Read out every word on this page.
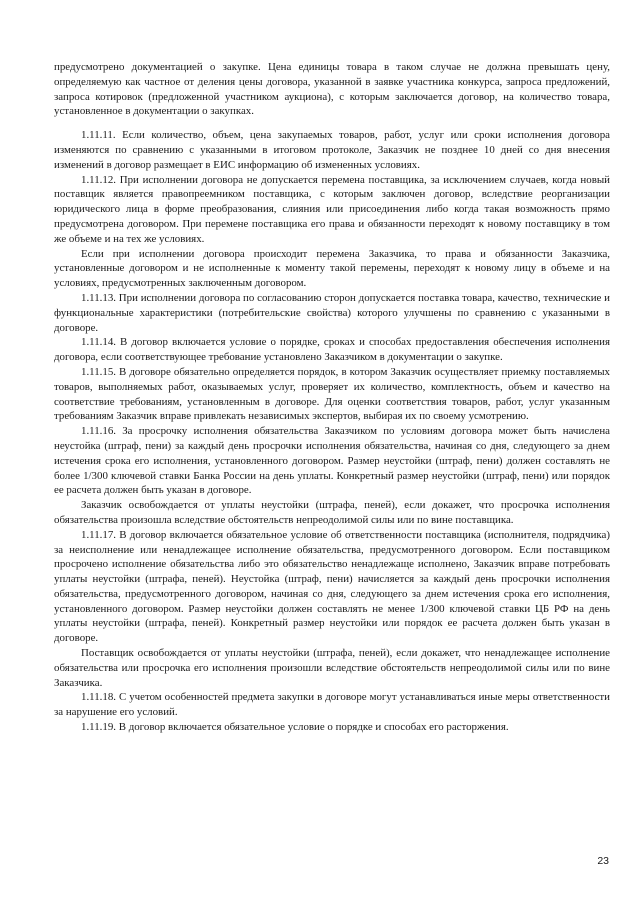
предусмотрено документацией о закупке. Цена единицы товара в таком случае не должна превышать цену, определяемую как частное от деления цены договора, указанной в заявке участника конкурса, запроса предложений, запроса котировок (предложенной участником аукциона), с которым заключается договор, на количество товара, установленное в документации о закупках.

1.11.11. Если количество, объем, цена закупаемых товаров, работ, услуг или сроки исполнения договора изменяются по сравнению с указанными в итоговом протоколе, Заказчик не позднее 10 дней со дня внесения изменений в договор размещает в ЕИС информацию об измененных условиях.

1.11.12. При исполнении договора не допускается перемена поставщика, за исключением случаев, когда новый поставщик является правопреемником поставщика, с которым заключен договор, вследствие реорганизации юридического лица в форме преобразования, слияния или присоединения либо когда такая возможность прямо предусмотрена договором. При перемене поставщика его права и обязанности переходят к новому поставщику в том же объеме и на тех же условиях.

Если при исполнении договора происходит перемена Заказчика, то права и обязанности Заказчика, установленные договором и не исполненные к моменту такой перемены, переходят к новому лицу в объеме и на условиях, предусмотренных заключенным договором.

1.11.13. При исполнении договора по согласованию сторон допускается поставка товара, качество, технические и функциональные характеристики (потребительские свойства) которого улучшены по сравнению с указанными в договоре.

1.11.14. В договор включается условие о порядке, сроках и способах предоставления обеспечения исполнения договора, если соответствующее требование установлено Заказчиком в документации о закупке.

1.11.15. В договоре обязательно определяется порядок, в котором Заказчик осуществляет приемку поставляемых товаров, выполняемых работ, оказываемых услуг, проверяет их количество, комплектность, объем и качество на соответствие требованиям, установленным в договоре. Для оценки соответствия товаров, работ, услуг указанным требованиям Заказчик вправе привлекать независимых экспертов, выбирая их по своему усмотрению.

1.11.16. За просрочку исполнения обязательства Заказчиком по условиям договора может быть начислена неустойка (штраф, пени) за каждый день просрочки исполнения обязательства, начиная со дня, следующего за днем истечения срока его исполнения, установленного договором. Размер неустойки (штраф, пени) должен составлять не более 1/300 ключевой ставки Банка России на день уплаты. Конкретный размер неустойки (штраф, пени) или порядок ее расчета должен быть указан в договоре.

Заказчик освобождается от уплаты неустойки (штрафа, пеней), если докажет, что просрочка исполнения обязательства произошла вследствие обстоятельств непреодолимой силы или по вине поставщика.

1.11.17. В договор включается обязательное условие об ответственности поставщика (исполнителя, подрядчика) за неисполнение или ненадлежащее исполнение обязательства, предусмотренного договором. Если поставщиком просрочено исполнение обязательства либо это обязательство ненадлежаще исполнено, Заказчик вправе потребовать уплаты неустойки (штрафа, пеней). Неустойка (штраф, пени) начисляется за каждый день просрочки исполнения обязательства, предусмотренного договором, начиная со дня, следующего за днем истечения срока его исполнения, установленного договором. Размер неустойки должен составлять не менее 1/300 ключевой ставки ЦБ РФ на день уплаты неустойки (штрафа, пеней). Конкретный размер неустойки или порядок ее расчета должен быть указан в договоре.

Поставщик освобождается от уплаты неустойки (штрафа, пеней), если докажет, что ненадлежащее исполнение обязательства или просрочка его исполнения произошли вследствие обстоятельств непреодолимой силы или по вине Заказчика.

1.11.18. С учетом особенностей предмета закупки в договоре могут устанавливаться иные меры ответственности за нарушение его условий.

1.11.19. В договор включается обязательное условие о порядке и способах его расторжения.

23
